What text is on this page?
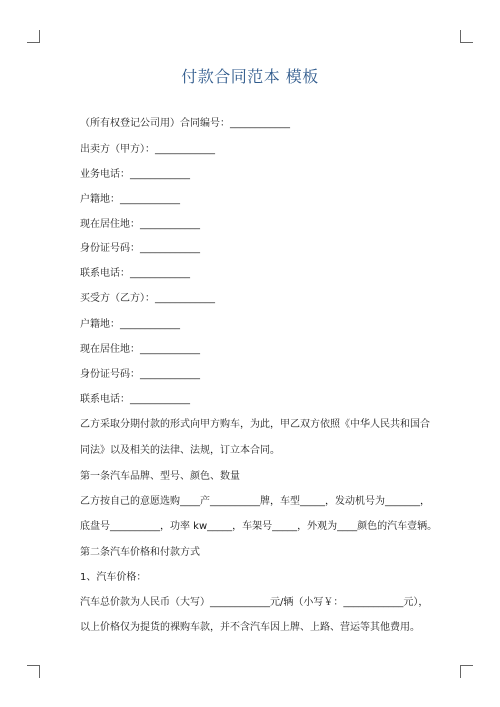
付款合同范本 模板
（所有权登记公司用）合同编号：____________
出卖方（甲方）：____________
业务电话：____________
户籍地：____________
现在居住地：____________
身份证号码：____________
联系电话：____________
买受方（乙方）：____________
户籍地：____________
现在居住地：____________
身份证号码：____________
联系电话：____________
乙方采取分期付款的形式向甲方购车，为此，甲乙双方依照《中华人民共和国合
同法》以及相关的法律、法规，订立本合同。
第一条汽车品牌、型号、颜色、数量
乙方按自己的意愿选购____产__________牌，车型_____，发动机号为_______，
底盘号__________，功率 kw_____，车架号_____，外观为____颜色的汽车壹辆。
第二条汽车价格和付款方式
1、汽车价格：
汽车总价款为人民币（大写）____________元/辆（小写￥：____________元），
以上价格仅为提货的裸购车款，并不含汽车因上牌、上路、营运等其他费用。
